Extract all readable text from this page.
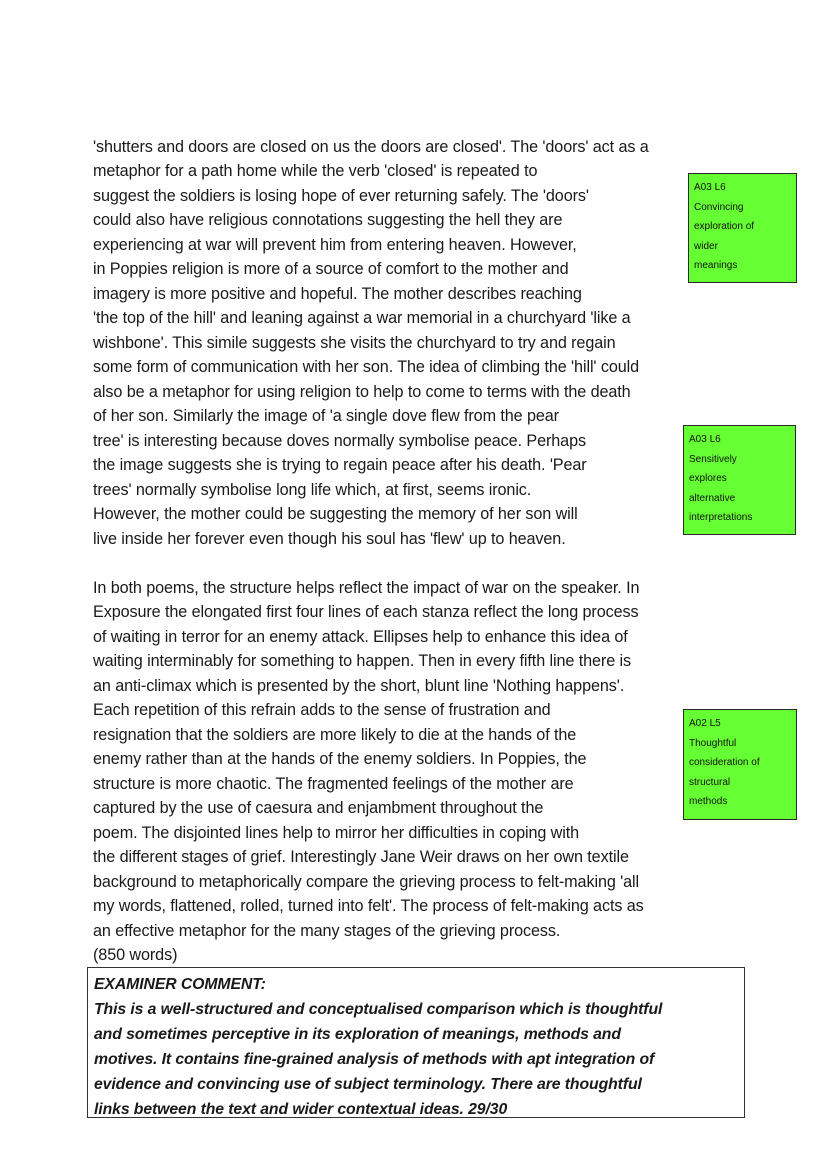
'shutters and doors are closed on us the doors are closed'. The 'doors' act as a
metaphor for a path home while the verb 'closed' is repeated to
suggest the soldiers is losing hope of ever returning safely. The 'doors'
could also have religious connotations suggesting the hell they are
experiencing at war will prevent him from entering heaven. However,
in Poppies religion is more of a source of comfort to the mother and
imagery is more positive and hopeful. The mother describes reaching
'the top of the hill' and leaning against a war memorial in a churchyard 'like a
wishbone'. This simile suggests she visits the churchyard to try and regain
some form of communication with her son. The idea of climbing the 'hill' could
also be a metaphor for using religion to help to come to terms with the death
of her son. Similarly the image of 'a single dove flew from the pear
tree' is interesting because doves normally symbolise peace. Perhaps
the image suggests she is trying to regain peace after his death. 'Pear
trees' normally symbolise long life which, at first, seems ironic.
However, the mother could be suggesting the memory of her son will
live inside her forever even though his soul has 'flew' up to heaven.
In both poems, the structure helps reflect the impact of war on the speaker. In
Exposure the elongated first four lines of each stanza reflect the long process
of waiting in terror for an enemy attack. Ellipses help to enhance this idea of
waiting interminably for something to happen. Then in every fifth line there is
an anti-climax which is presented by the short, blunt line 'Nothing happens'.
Each repetition of this refrain adds to the sense of frustration and
resignation that the soldiers are more likely to die at the hands of the
enemy rather than at the hands of the enemy soldiers. In Poppies, the
structure is more chaotic. The fragmented feelings of the mother are
captured by the use of caesura and enjambment throughout the
poem. The disjointed lines help to mirror her difficulties in coping with
the different stages of grief. Interestingly Jane Weir draws on her own textile
background to metaphorically compare the grieving process to felt-making 'all
my words, flattened, rolled, turned into felt'. The process of felt-making acts as
an effective metaphor for the many stages of the grieving process.
(850 words)
A03 L6
Convincing
exploration of
wider
meanings
A03 L6
Sensitively
explores
alternative
interpretations
A02 L5
Thoughtful
consideration of
structural
methods
EXAMINER COMMENT:
This is a well-structured and conceptualised comparison which is thoughtful
and sometimes perceptive in its exploration of meanings, methods and
motives. It contains fine-grained analysis of methods with apt integration of
evidence and convincing use of subject terminology. There are thoughtful
links between the text and wider contextual ideas. 29/30
